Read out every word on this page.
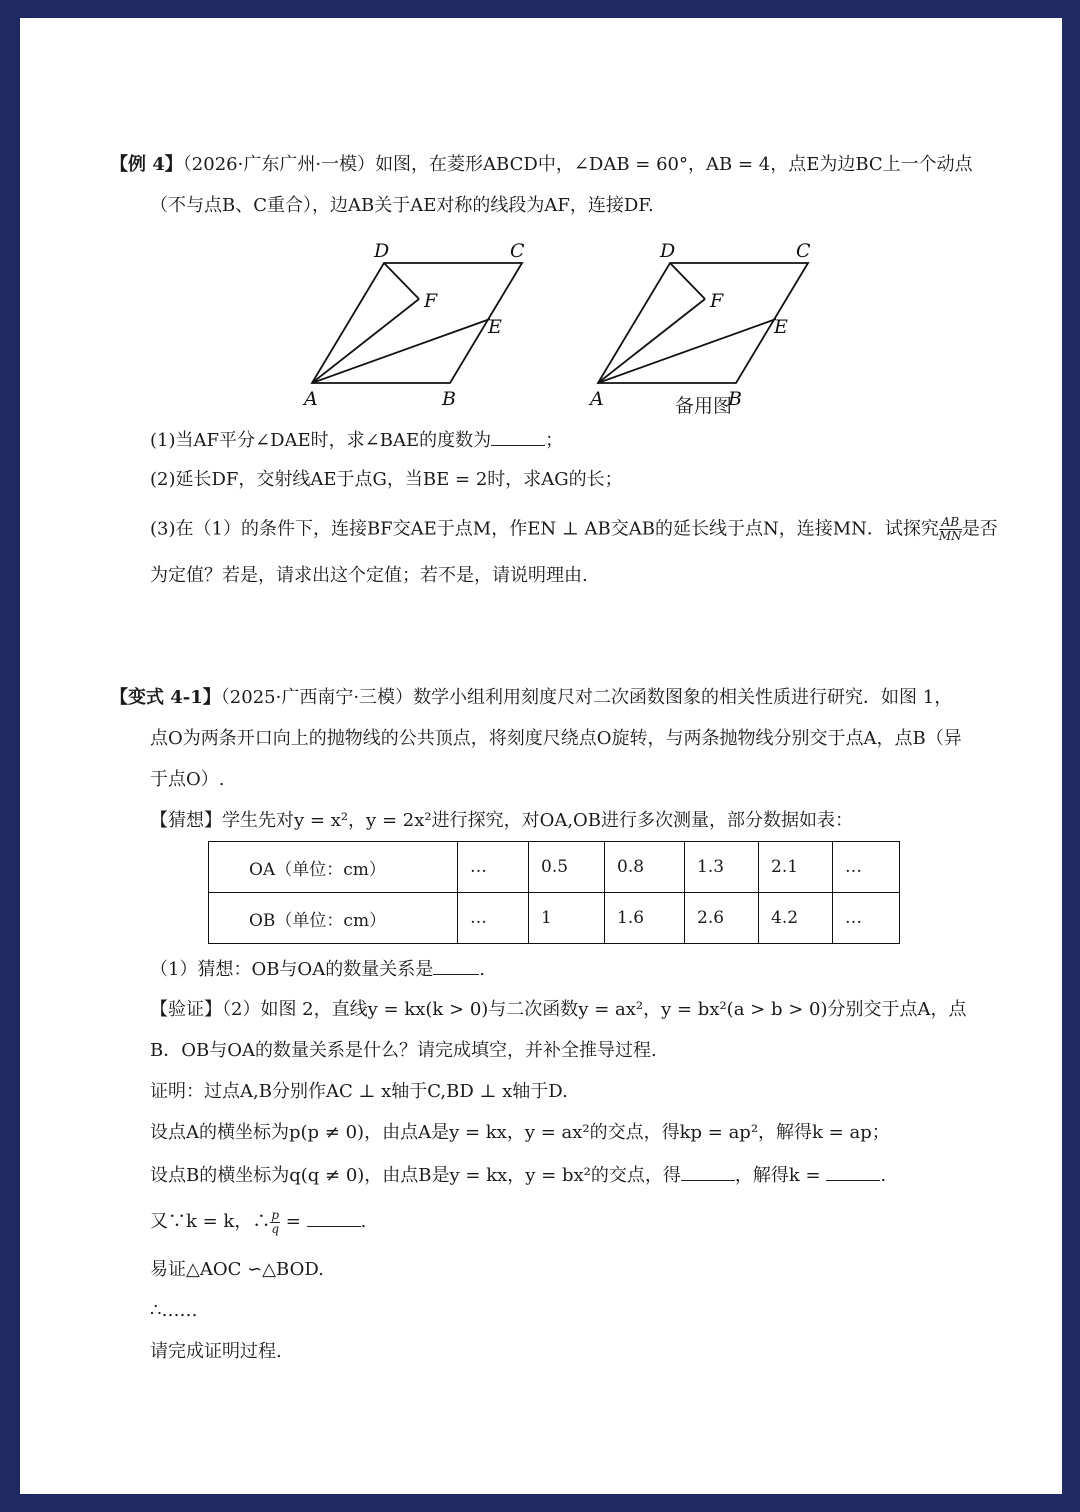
【例 4】（2026·广东广州·一模）如图，在菱形ABCD中，∠DAB = 60°，AB = 4，点E为边BC上一个动点
（不与点B、C重合），边AB关于AE对称的线段为AF，连接DF.
D	C
F
E
A	B
D	C
F
E
A	B
备用图
(1)当AF平分∠DAE时，求∠BAE的度数为	；
(2)延长DF，交射线AE于点G，当BE = 2时，求AG的长；
(3)在（1）的条件下，连接BF交AE于点M，作EN ⊥ AB交AB的延长线于点N，连接MN．试探究 $\frac{AB}{MN}$ 是否
为定值？若是，请求出这个定值；若不是，请说明理由.
【变式 4-1】（2025·广西南宁·三模）数学小组利用刻度尺对二次函数图象的相关性质进行研究．如图 1，
点O为两条开口向上的抛物线的公共顶点，将刻度尺绕点O旋转，与两条抛物线分别交于点A，点B（异
于点O）.
【猜想】学生先对y = x²，y = 2x²进行探究，对OA,OB进行多次测量，部分数据如表：
OA（单位：cm）	…	0.5	0.8	1.3	2.1	…
OB（单位：cm）	…	1	1.6	2.6	4.2	…
（1）猜想：OB与OA的数量关系是	.
【验证】（2）如图 2，直线y = kx(k > 0)与二次函数y = ax²，y = bx²(a > b > 0)分别交于点A，点
B．OB与OA的数量关系是什么？请完成填空，并补全推导过程.
证明：过点A,B分别作AC ⊥ x轴于C,BD ⊥ x轴于D.
设点A的横坐标为p(p ≠ 0)，由点A是y = kx，y = ax²的交点，得kp = ap²，解得k = ap；
设点B的横坐标为q(q ≠ 0)，由点B是y = kx，y = bx²的交点，得	，解得k =	.
又∵k = k，∴ $\frac{p}{q}$ =	.
易证△AOC ∽△BOD.
∴……
请完成证明过程.
